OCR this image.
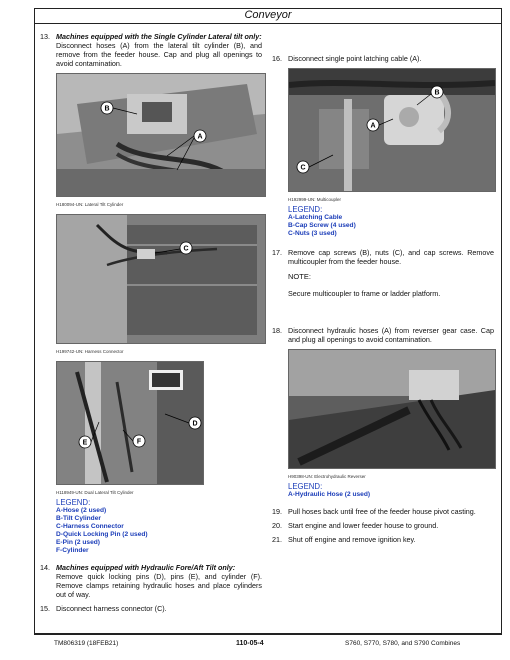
Conveyor
13. Machines equipped with the Single Cylinder Lateral tilt only:
Disconnect hoses (A) from the lateral tilt cylinder (B), and remove from the feeder house. Cap and plug all openings to avoid contamination.
B
A
H180094-UN: Lateral Tilt Cylinder
C
H199742-UN: Harness Connector
E	F
D
H118949-UN: Dual Lateral Tilt Cylinder
LEGEND:
A-Hose (2 used)
B-Tilt Cylinder
C-Harness Connector
D-Quick Locking Pin (2 used)
E-Pin (2 used)
F-Cylinder
14. Machines equipped with Hydraulic Fore/Aft Tilt only:
Remove quick locking pins (D), pins (E), and cylinder (F). Remove clamps retaining hydraulic hoses and place cylinders out of way.
15. Disconnect harness connector (C).
16. Disconnect single point latching cable (A).
B
A
C
H192999-UN: Multicoupler
LEGEND:
A-Latching Cable
B-Cap Screw (4 used)
C-Nuts (3 used)
17. Remove cap screws (B), nuts (C), and cap screws. Remove multicoupler from the feeder house.
NOTE:
Secure multicoupler to frame or ladder platform.
18. Disconnect hydraulic hoses (A) from reverser gear case. Cap and plug all openings to avoid contamination.
H90398-UN: Electrohydraulic Reverser
LEGEND:
A-Hydraulic Hose (2 used)
19. Pull hoses back until free of the feeder house pivot casting.
20. Start engine and lower feeder house to ground.
21. Shut off engine and remove ignition key.
TM806319 (18FEB21)	110-05-4	S760, S770, S780, and S790 Combines
